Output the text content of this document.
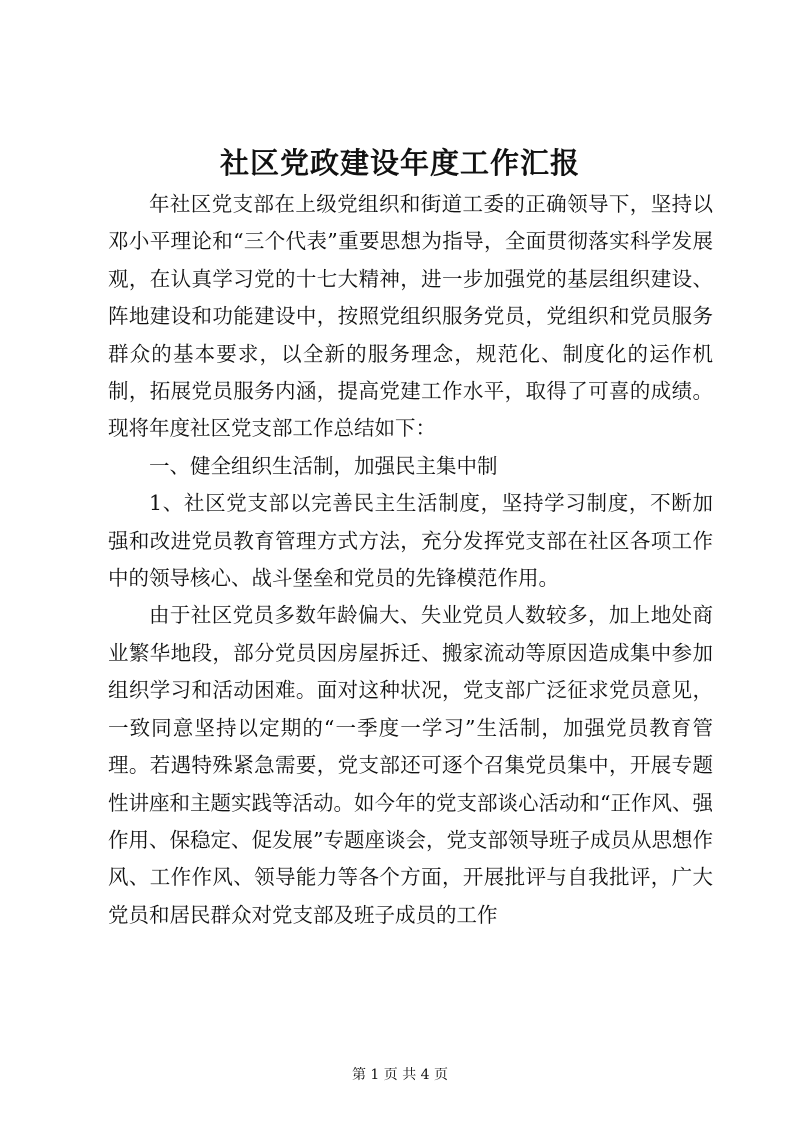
社区党政建设年度工作汇报

年社区党支部在上级党组织和街道工委的正确领导下，坚持以邓小平理论和“三个代表”重要思想为指导，全面贯彻落实科学发展观，在认真学习党的十七大精神，进一步加强党的基层组织建设、阵地建设和功能建设中，按照党组织服务党员，党组织和党员服务群众的基本要求，以全新的服务理念，规范化、制度化的运作机制，拓展党员服务内涵，提高党建工作水平，取得了可喜的成绩。现将年度社区党支部工作总结如下：

一、健全组织生活制，加强民主集中制

1、社区党支部以完善民主生活制度，坚持学习制度，不断加强和改进党员教育管理方式方法，充分发挥党支部在社区各项工作中的领导核心、战斗堡垒和党员的先锋模范作用。

由于社区党员多数年龄偏大、失业党员人数较多，加上地处商业繁华地段，部分党员因房屋拆迁、搬家流动等原因造成集中参加组织学习和活动困难。面对这种状况，党支部广泛征求党员意见，一致同意坚持以定期的“一季度一学习”生活制，加强党员教育管理。若遇特殊紧急需要，党支部还可逐个召集党员集中，开展专题性讲座和主题实践等活动。如今年的党支部谈心活动和“正作风、强作用、保稳定、促发展”专题座谈会，党支部领导班子成员从思想作风、工作作风、领导能力等各个方面，开展批评与自我批评，广大党员和居民群众对党支部及班子成员的工作

第 1 页 共 4 页
